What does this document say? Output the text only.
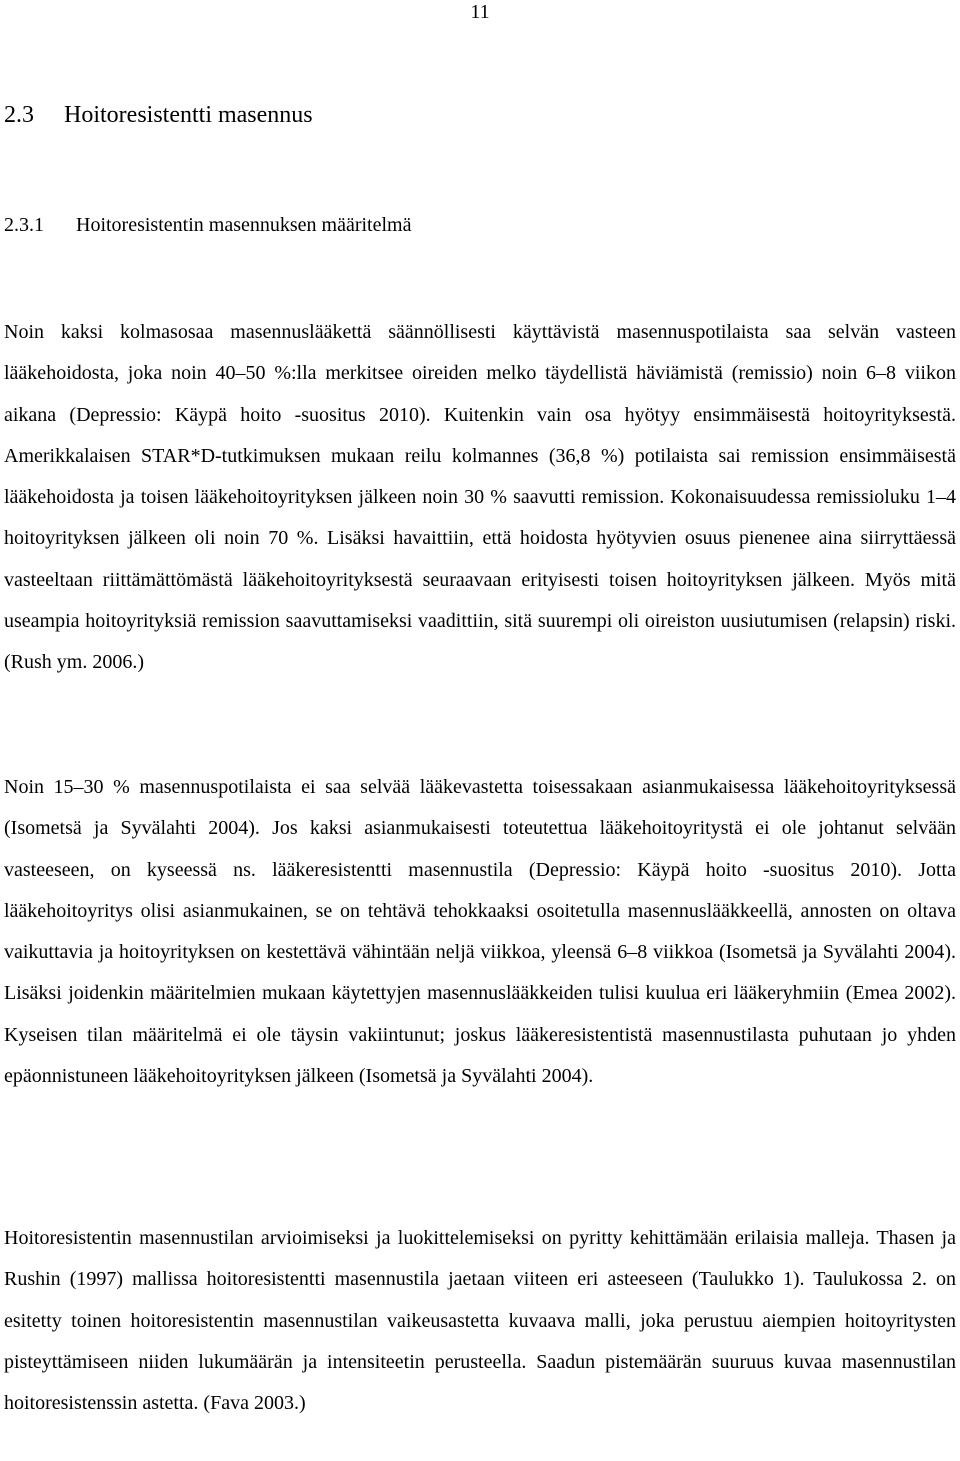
11
2.3 Hoitoresistentti masennus
2.3.1 Hoitoresistentin masennuksen määritelmä

Noin kaksi kolmasosaa masennuslääkettä säännöllisesti käyttävistä masennuspotilaista saa selvän vasteen lääkehoidosta, joka noin 40–50 %:lla merkitsee oireiden melko täydellistä häviämistä (remissio) noin 6–8 viikon aikana (Depressio: Käypä hoito -suositus 2010). Kuitenkin vain osa hyötyy ensimmäisestä hoitoyrityksestä. Amerikkalaisen STAR*D-tutkimuksen mukaan reilu kolmannes (36,8 %) potilaista sai remission ensimmäisestä lääkehoidosta ja toisen lääkehoitoyrityksen jälkeen noin 30 % saavutti remission. Kokonaisuudessa remissioluku 1–4 hoitoyrityksen jälkeen oli noin 70 %. Lisäksi havaittiin, että hoidosta hyötyvien osuus pienenee aina siirryttäessä vasteeltaan riittämättömästä lääkehoitoyrityksestä seuraavaan erityisesti toisen hoitoyrityksen jälkeen. Myös mitä useampia hoitoyrityksiä remission saavuttamiseksi vaadittiin, sitä suurempi oli oireiston uusiutumisen (relapsin) riski. (Rush ym. 2006.)

Noin 15–30 % masennuspotilaista ei saa selvää lääkevastetta toisessakaan asianmukaisessa lääkehoitoyrityksessä (Isometsä ja Syvälahti 2004). Jos kaksi asianmukaisesti toteutettua lääkehoitoyritystä ei ole johtanut selvään vasteeseen, on kyseessä ns. lääkeresistentti masennustila (Depressio: Käypä hoito -suositus 2010). Jotta lääkehoitoyritys olisi asianmukainen, se on tehtävä tehokkaaksi osoitetulla masennuslääkkeellä, annosten on oltava vaikuttavia ja hoitoyrityksen on kestettävä vähintään neljä viikkoa, yleensä 6–8 viikkoa (Isometsä ja Syvälahti 2004). Lisäksi joidenkin määritelmien mukaan käytettyjen masennuslääkkeiden tulisi kuulua eri lääkeryhmiin (Emea 2002). Kyseisen tilan määritelmä ei ole täysin vakiintunut; joskus lääkeresistentistä masennustilasta puhutaan jo yhden epäonnistuneen lääkehoitoyrityksen jälkeen (Isometsä ja Syvälahti 2004).

Hoitoresistentin masennustilan arvioimiseksi ja luokittelemiseksi on pyritty kehittämään erilaisia malleja. Thasen ja Rushin (1997) mallissa hoitoresistentti masennustila jaetaan viiteen eri asteeseen (Taulukko 1). Taulukossa 2. on esitetty toinen hoitoresistentin masennustilan vaikeusastetta kuvaava malli, joka perustuu aiempien hoitoyritysten pisteyttämiseen niiden lukumäärän ja intensiteetin perusteella. Saadun pistemäärän suuruus kuvaa masennustilan hoitoresistenssin astetta. (Fava 2003.)
